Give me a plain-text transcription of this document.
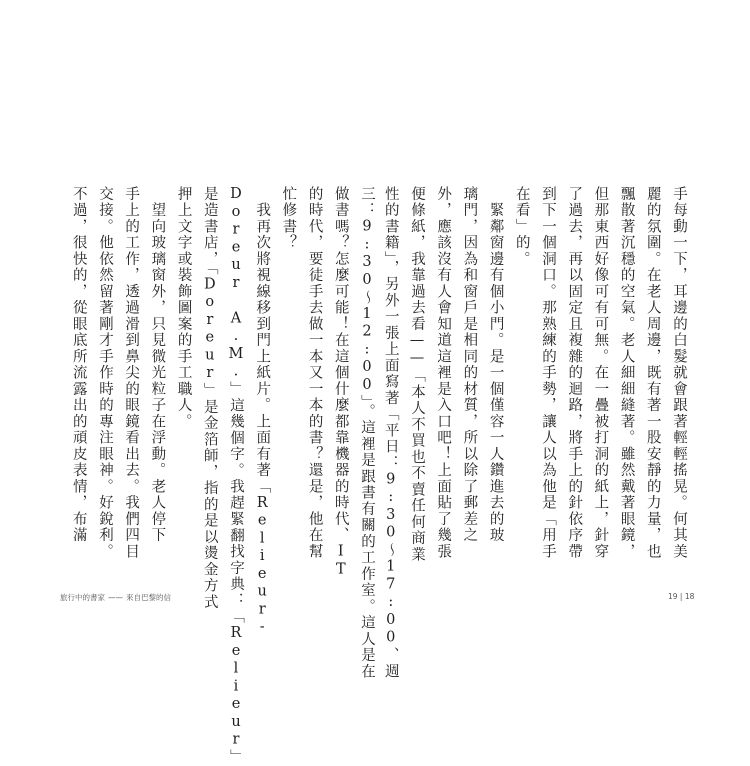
手每動一下，耳邊的白髮就會跟著輕輕搖晃。何其美

麗的氛圍。在老人周邊，既有著一股安靜的力量，也

飄散著沉穩的空氣。老人細細縫著。雖然戴著眼鏡，

但那東西好像可有可無。在一疊被打洞的紙上，針穿

了過去，再以固定且複雜的迴路，將手上的針依序帶

到下一個洞口。那熟練的手勢，讓人以為他是「用手

在看」的。

　緊鄰窗邊有個小門。是一個僅容一人鑽進去的玻

璃門，因為和窗戶是相同的材質，所以除了郵差之

外，應該沒有人會知道這裡是入口吧！上面貼了幾張

便條紙，我靠過去看——「本人不買也不賣任何商業

性的書籍」，另外一張上面寫著「平日：9:30～17:00、週

三：9:30～12:00」。這裡是跟書有關的工作室。這人是在

做書嗎？怎麼可能！在這個什麼都靠機器的時代、IT

的時代，要徒手去做一本又一本的書？還是，他在幫

忙修書？

　我再次將視線移到門上紙片。上面有著「Relieur-

Doreur A.M.」這幾個字。我趕緊翻找字典：「Relieur」

是造書店，「Doreur」是金箔師，指的是以燙金方式

押上文字或裝飾圖案的手工職人。

　望向玻璃窗外，只見微光粒子在浮動。老人停下

手上的工作，透過滑到鼻尖的眼鏡看出去。我們四目

交接。他依然留著剛才手作時的專注眼神。好銳利。

不過，很快的，從眼底所流露出的頑皮表情，布滿

旅行中的書家 —— 來自巴黎的信	19 | 18
